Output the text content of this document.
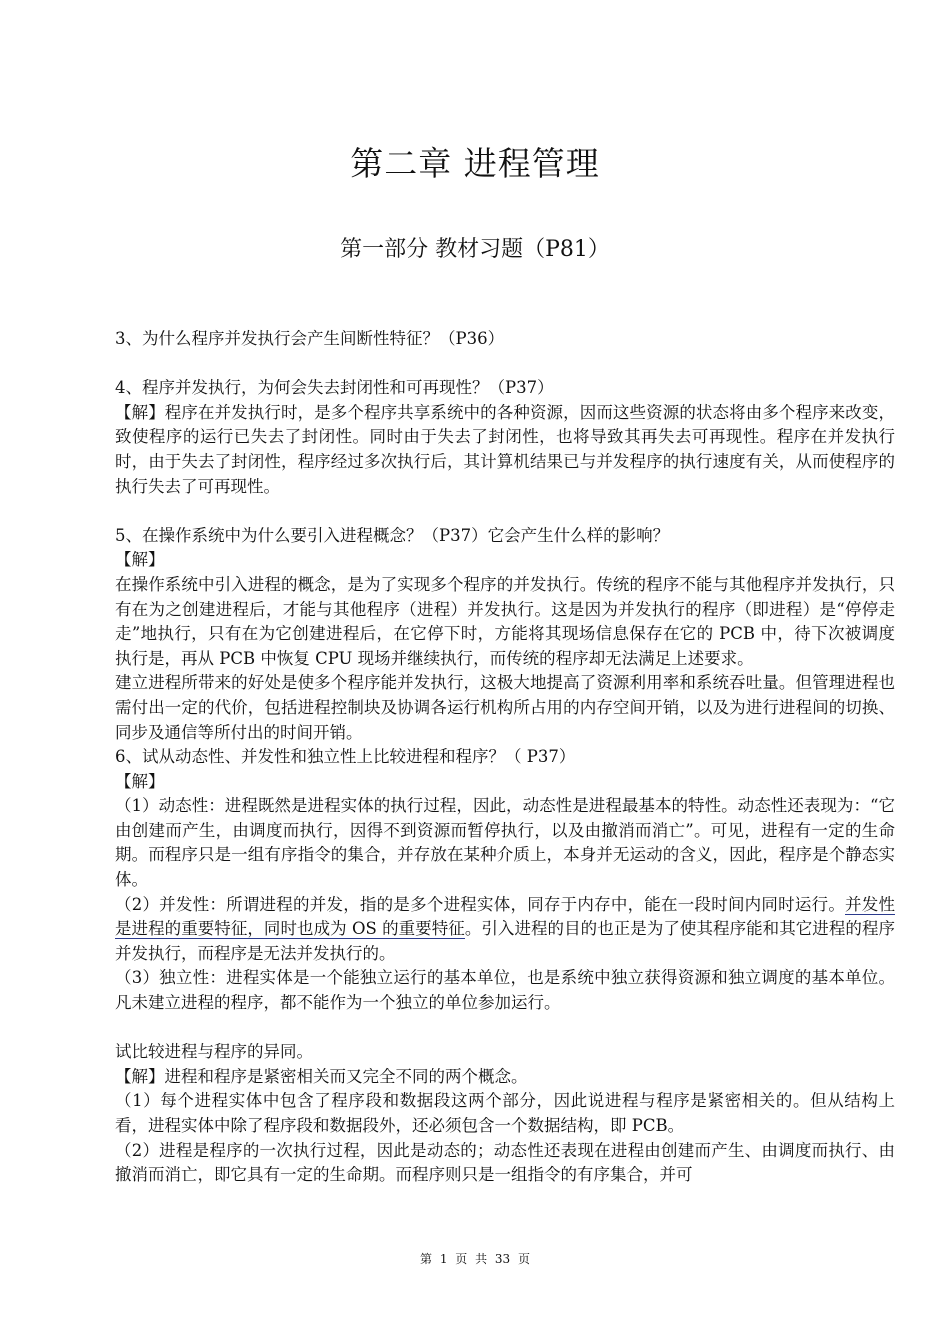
第二章 进程管理
第一部分 教材习题（P81）

3、为什么程序并发执行会产生间断性特征？（P36）

4、程序并发执行，为何会失去封闭性和可再现性？（P37）

【解】程序在并发执行时，是多个程序共享系统中的各种资源，因而这些资源的状态将由多个程序来改变，致使程序的运行已失去了封闭性。同时由于失去了封闭性，也将导致其再失去可再现性。程序在并发执行时，由于失去了封闭性，程序经过多次执行后，其计算机结果已与并发程序的执行速度有关，从而使程序的执行失去了可再现性。

5、在操作系统中为什么要引入进程概念？（P37）它会产生什么样的影响？

【解】

在操作系统中引入进程的概念，是为了实现多个程序的并发执行。传统的程序不能与其他程序并发执行，只有在为之创建进程后，才能与其他程序（进程）并发执行。这是因为并发执行的程序（即进程）是“停停走走”地执行，只有在为它创建进程后，在它停下时，方能将其现场信息保存在它的 PCB 中，待下次被调度执行是，再从 PCB 中恢复 CPU 现场并继续执行，而传统的程序却无法满足上述要求。

建立进程所带来的好处是使多个程序能并发执行，这极大地提高了资源利用率和系统吞吐量。但管理进程也需付出一定的代价，包括进程控制块及协调各运行机构所占用的内存空间开销，以及为进行进程间的切换、同步及通信等所付出的时间开销。

6、试从动态性、并发性和独立性上比较进程和程序？（ P37）

【解】

（1）动态性：进程既然是进程实体的执行过程，因此，动态性是进程最基本的特性。动态性还表现为：“它由创建而产生，由调度而执行，因得不到资源而暂停执行，以及由撤消而消亡”。可见，进程有一定的生命期。而程序只是一组有序指令的集合，并存放在某种介质上，本身并无运动的含义，因此，程序是个静态实体。

（2）并发性：所谓进程的并发，指的是多个进程实体，同存于内存中，能在一段时间内同时运行。并发性是进程的重要特征，同时也成为 OS 的重要特征。引入进程的目的也正是为了使其程序能和其它进程的程序并发执行，而程序是无法并发执行的。

（3）独立性：进程实体是一个能独立运行的基本单位，也是系统中独立获得资源和独立调度的基本单位。凡未建立进程的程序，都不能作为一个独立的单位参加运行。

试比较进程与程序的异同。

【解】进程和程序是紧密相关而又完全不同的两个概念。

（1）每个进程实体中包含了程序段和数据段这两个部分，因此说进程与程序是紧密相关的。但从结构上看，进程实体中除了程序段和数据段外，还必须包含一个数据结构，即 PCB。

（2）进程是程序的一次执行过程，因此是动态的；动态性还表现在进程由创建而产生、由调度而执行、由撤消而消亡，即它具有一定的生命期。而程序则只是一组指令的有序集合，并可

第 1 页 共 33 页
